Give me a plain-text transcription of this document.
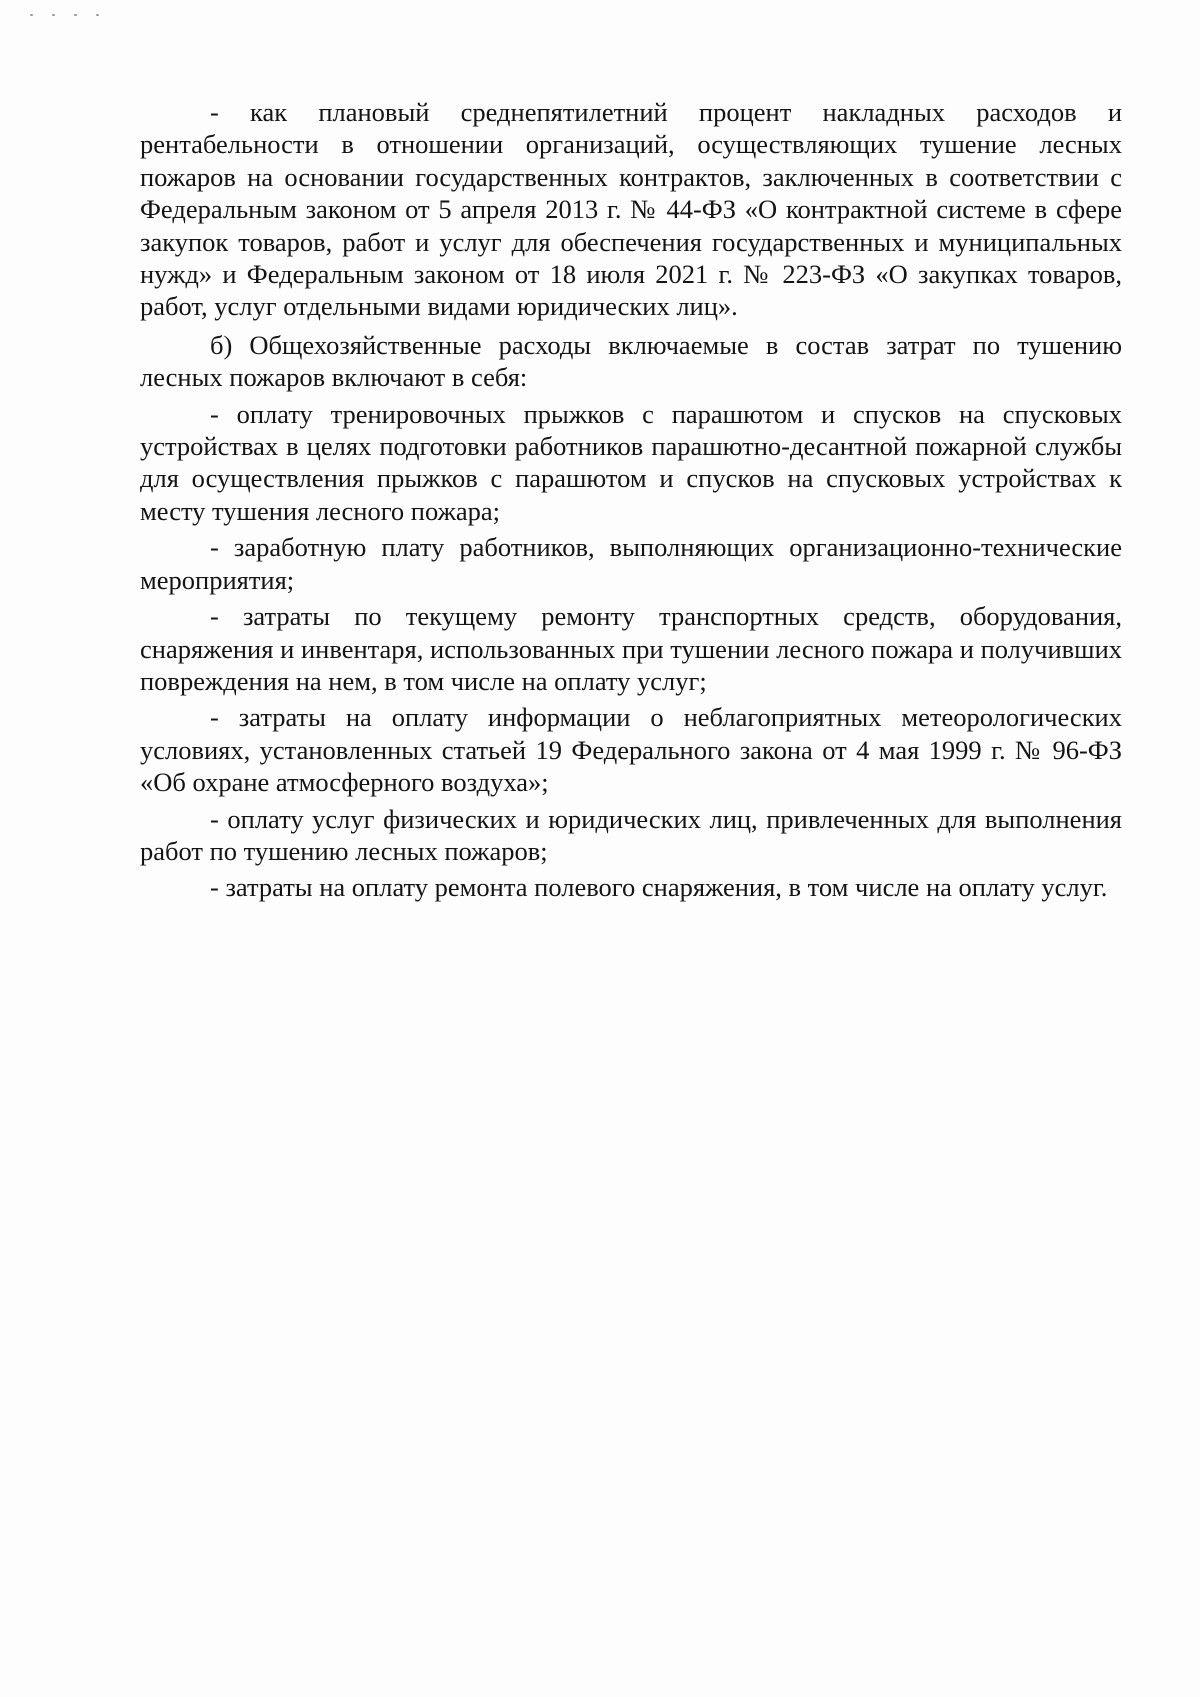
- как плановый среднепятилетний процент накладных расходов и рентабельности в отношении организаций, осуществляющих тушение лесных пожаров на основании государственных контрактов, заключенных в соответствии с Федеральным законом от 5 апреля 2013 г. № 44-ФЗ «О контрактной системе в сфере закупок товаров, работ и услуг для обеспечения государственных и муниципальных нужд» и Федеральным законом от 18 июля 2021 г. № 223-ФЗ «О закупках товаров, работ, услуг отдельными видами юридических лиц».

б) Общехозяйственные расходы включаемые в состав затрат по тушению лесных пожаров включают в себя:

- оплату тренировочных прыжков с парашютом и спусков на спусковых устройствах в целях подготовки работников парашютно-десантной пожарной службы для осуществления прыжков с парашютом и спусков на спусковых устройствах к месту тушения лесного пожара;

- заработную плату работников, выполняющих организационно-технические мероприятия;

- затраты по текущему ремонту транспортных средств, оборудования, снаряжения и инвентаря, использованных при тушении лесного пожара и получивших повреждения на нем, в том числе на оплату услуг;

- затраты на оплату информации о неблагоприятных метеорологических условиях, установленных статьей 19 Федерального закона от 4 мая 1999 г. № 96-ФЗ «Об охране атмосферного воздуха»;

- оплату услуг физических и юридических лиц, привлеченных для выполнения работ по тушению лесных пожаров;

- затраты на оплату ремонта полевого снаряжения, в том числе на оплату услуг.
